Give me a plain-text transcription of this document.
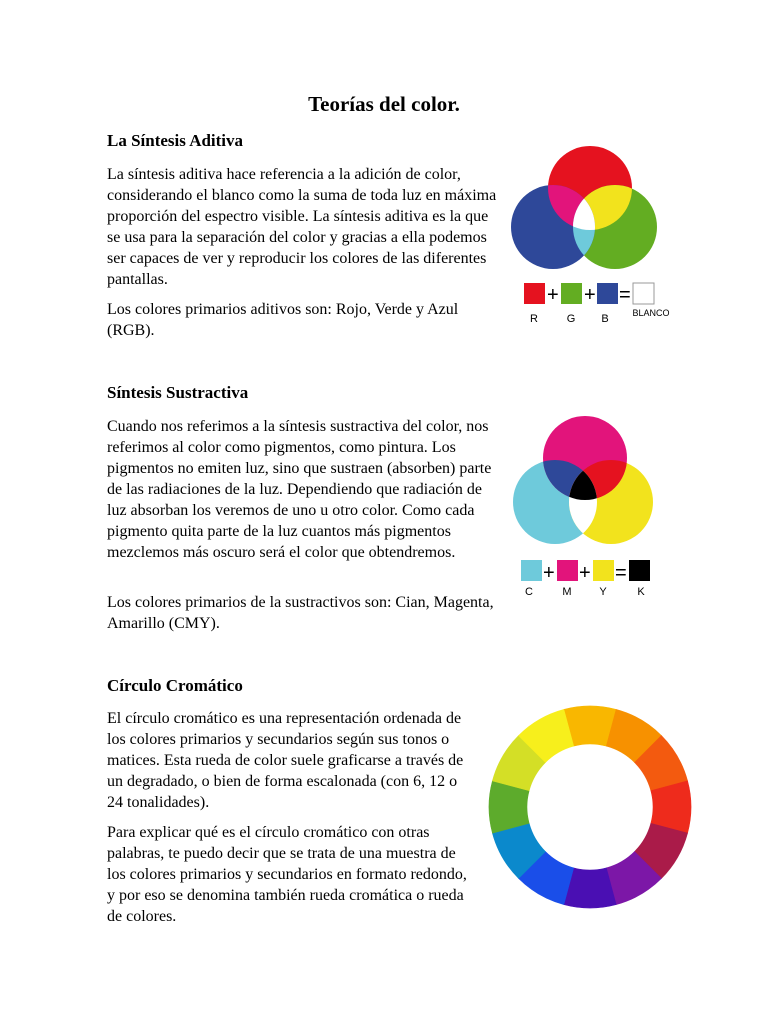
Teorías del color.
La Síntesis Aditiva

La síntesis aditiva hace referencia a la adición de color, considerando el blanco como la suma de toda luz en máxima proporción del espectro visible. La síntesis aditiva es la que se usa para la separación del color y gracias a ella podemos ser capaces de ver y reproducir los colores de las diferentes pantallas.

Los colores primarios aditivos son: Rojo, Verde y Azul (RGB).

+ + =
R	G B	BLANCO
Síntesis Sustractiva

Cuando nos referimos a la síntesis sustractiva del color, nos referimos al color como pigmentos, como pintura. Los pigmentos no emiten luz, sino que sustraen (absorben) parte de las radiaciones de la luz. Dependiendo que radiación de luz absorban los veremos de uno u otro color. Como cada pigmento quita parte de la luz cuantos más pigmentos mezclemos más oscuro será el color que obtendremos.

Los colores primarios de la sustractivos son: Cian, Magenta, Amarillo (CMY).

+ + =
C	M	Y	K
Círculo Cromático

El círculo cromático es una representación ordenada de los colores primarios y secundarios según sus tonos o matices. Esta rueda de color suele graficarse a través de un degradado, o bien de forma escalonada (con 6, 12 o 24 tonalidades).

Para explicar qué es el círculo cromático con otras palabras, te puedo decir que se trata de una muestra de los colores primarios y secundarios en formato redondo, y por eso se denomina también rueda cromática o rueda de colores.
